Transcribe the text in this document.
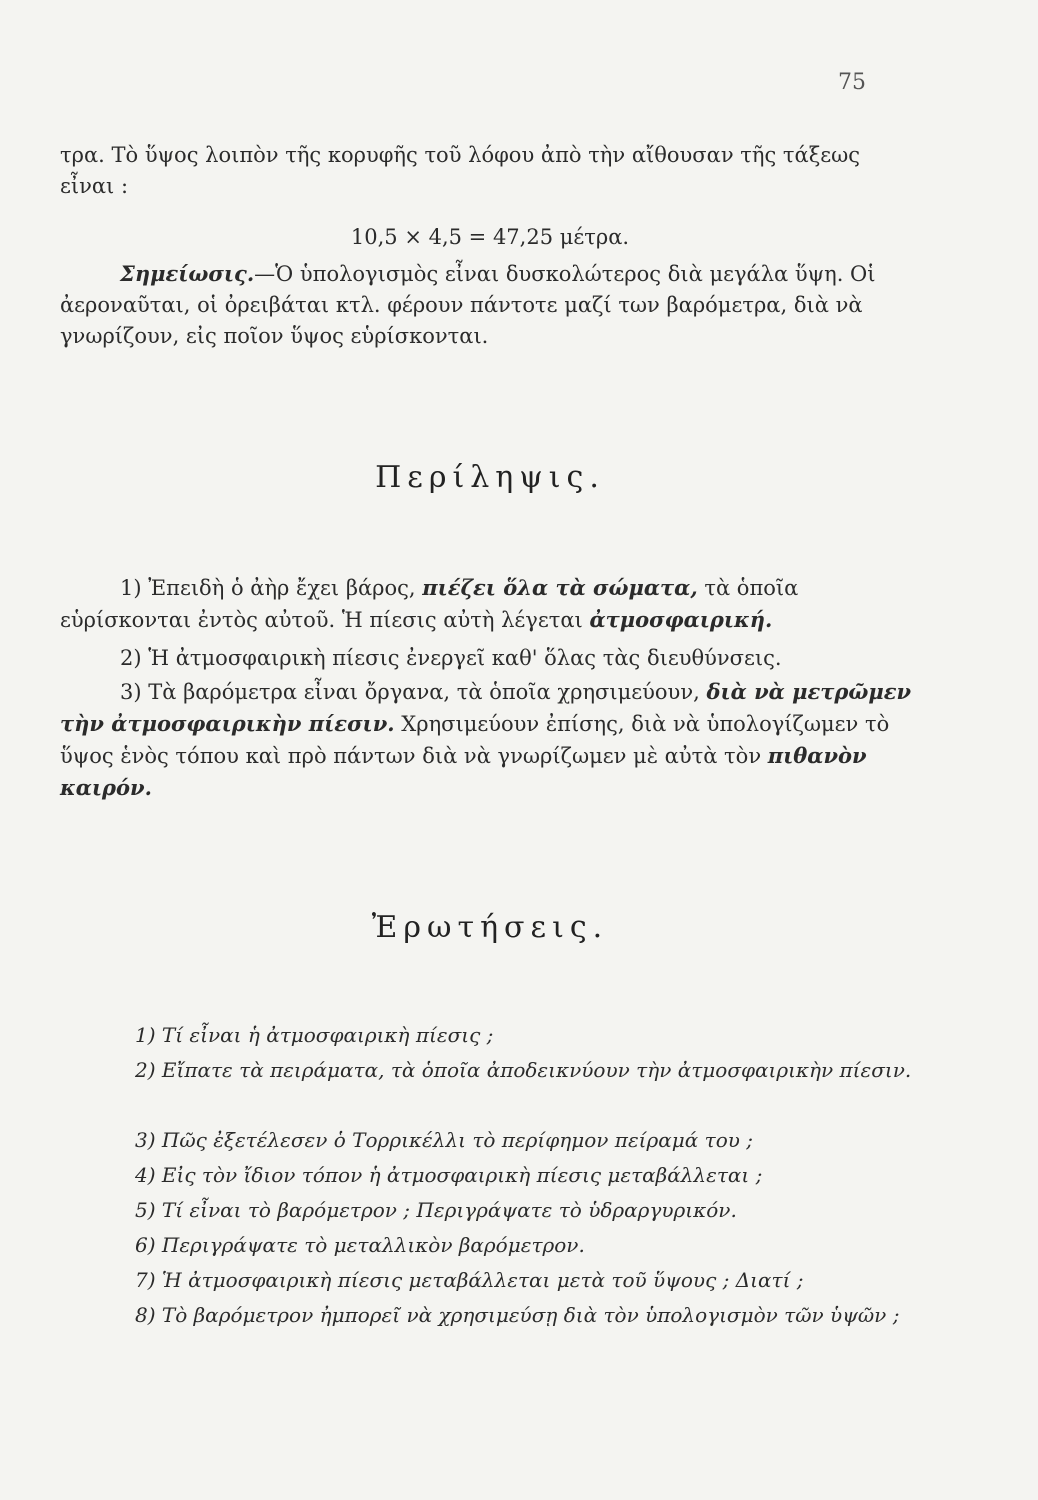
75

τρα. Τὸ ὕψος λοιπὸν τῆς κορυφῆς τοῦ λόφου ἀπὸ τὴν αἴθουσαν τῆς τάξεως εἶναι :

10,5 × 4,5 = 47,25 μέτρα.

Σημείωσις.—Ὁ ὑπολογισμὸς εἶναι δυσκολώτερος διὰ μεγάλα ὕψη. Οἱ ἀεροναῦται, οἱ ὀρειβάται κτλ. φέρουν πάντοτε μαζί των βαρόμετρα, διὰ νὰ γνωρίζουν, εἰς ποῖον ὕψος εὑρίσκονται.

Περίληψις.

1) Ἐπειδὴ ὁ ἀὴρ ἔχει βάρος, πιέζει ὅλα τὰ σώματα, τὰ ὁποῖα εὑρίσκονται ἐντὸς αὐτοῦ. Ἡ πίεσις αὐτὴ λέγεται ἀτμοσφαιρική.

2) Ἡ ἀτμοσφαιρικὴ πίεσις ἐνεργεῖ καθ' ὅλας τὰς διευθύνσεις.

3) Τὰ βαρόμετρα εἶναι ὄργανα, τὰ ὁποῖα χρησιμεύουν, διὰ νὰ μετρῶμεν τὴν ἀτμοσφαιρικὴν πίεσιν. Χρησιμεύουν ἐπίσης, διὰ νὰ ὑπολογίζωμεν τὸ ὕψος ἑνὸς τόπου καὶ πρὸ πάντων διὰ νὰ γνωρίζωμεν μὲ αὐτὰ τὸν πιθανὸν καιρόν.

Ἐρωτήσεις.

1) Τί εἶναι ἡ ἀτμοσφαιρικὴ πίεσις ;

2) Εἴπατε τὰ πειράματα, τὰ ὁποῖα ἀποδεικνύουν τὴν ἀτμοσφαιρικὴν πίεσιν.

3) Πῶς ἐξετέλεσεν ὁ Τορρικέλλι τὸ περίφημον πείραμά του ;

4) Εἰς τὸν ἴδιον τόπον ἡ ἀτμοσφαιρικὴ πίεσις μεταβάλλεται ;

5) Τί εἶναι τὸ βαρόμετρον ; Περιγράψατε τὸ ὑδραργυρικόν.

6) Περιγράψατε τὸ μεταλλικὸν βαρόμετρον.

7) Ἡ ἀτμοσφαιρικὴ πίεσις μεταβάλλεται μετὰ τοῦ ὕψους ; Διατί ;

8) Τὸ βαρόμετρον ἠμπορεῖ νὰ χρησιμεύσῃ διὰ τὸν ὑπολογισμὸν τῶν ὑψῶν ;
